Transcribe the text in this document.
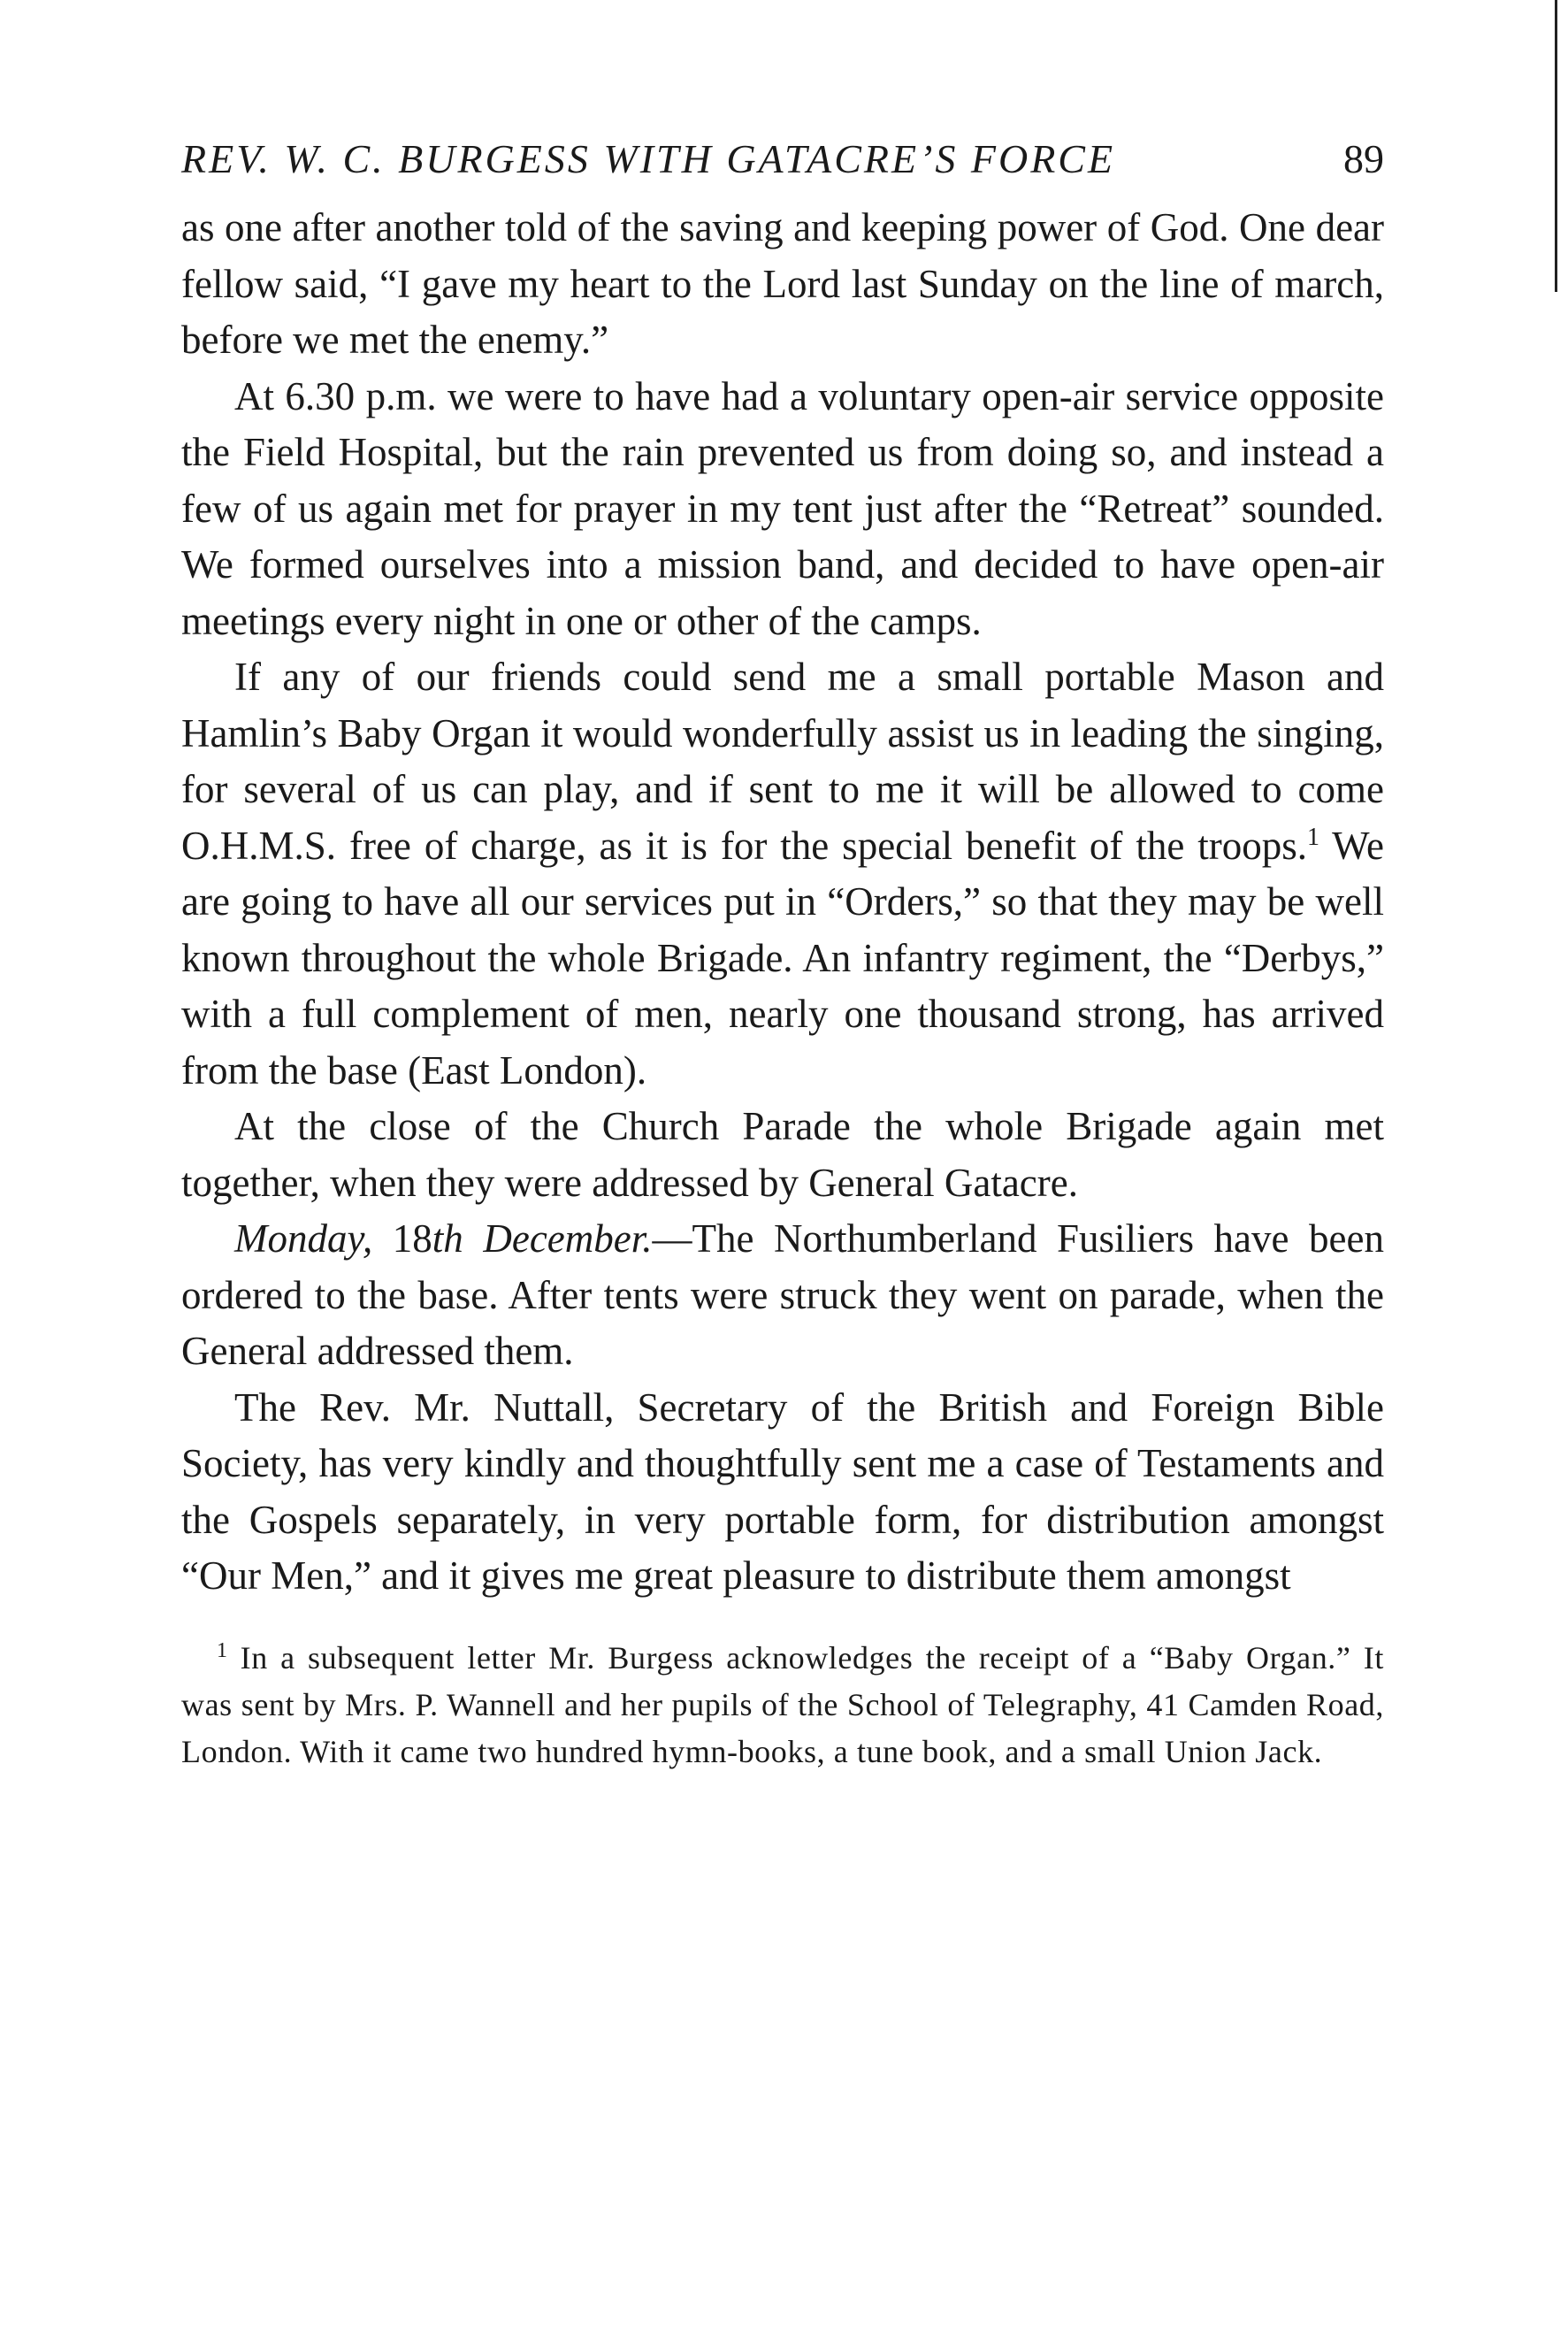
REV. W. C. BURGESS WITH GATACRE’S FORCE	89

as one after another told of the saving and keeping power of God. One dear fellow said, “I gave my heart to the Lord last Sunday on the line of march, before we met the enemy.”

At 6.30 p.m. we were to have had a voluntary open-air service opposite the Field Hospital, but the rain prevented us from doing so, and instead a few of us again met for prayer in my tent just after the “Retreat” sounded. We formed ourselves into a mission band, and decided to have open-air meetings every night in one or other of the camps.

If any of our friends could send me a small portable Mason and Hamlin’s Baby Organ it would wonderfully assist us in leading the singing, for several of us can play, and if sent to me it will be allowed to come O.H.M.S. free of charge, as it is for the special benefit of the troops.$^1$ We are going to have all our services put in “Orders,” so that they may be well known throughout the whole Brigade. An infantry regiment, the “Derbys,” with a full complement of men, nearly one thousand strong, has arrived from the base (East London).

At the close of the Church Parade the whole Brigade again met together, when they were addressed by General Gatacre.

Monday, 18th December.—The Northumberland Fusiliers have been ordered to the base. After tents were struck they went on parade, when the General addressed them.

The Rev. Mr. Nuttall, Secretary of the British and Foreign Bible Society, has very kindly and thoughtfully sent me a case of Testaments and the Gospels separately, in very portable form, for distribution amongst “Our Men,” and it gives me great pleasure to distribute them amongst

$^1$ In a subsequent letter Mr. Burgess acknowledges the receipt of a “Baby Organ.” It was sent by Mrs. P. Wannell and her pupils of the School of Telegraphy, 41 Camden Road, London. With it came two hundred hymn-books, a tune book, and a small Union Jack.
